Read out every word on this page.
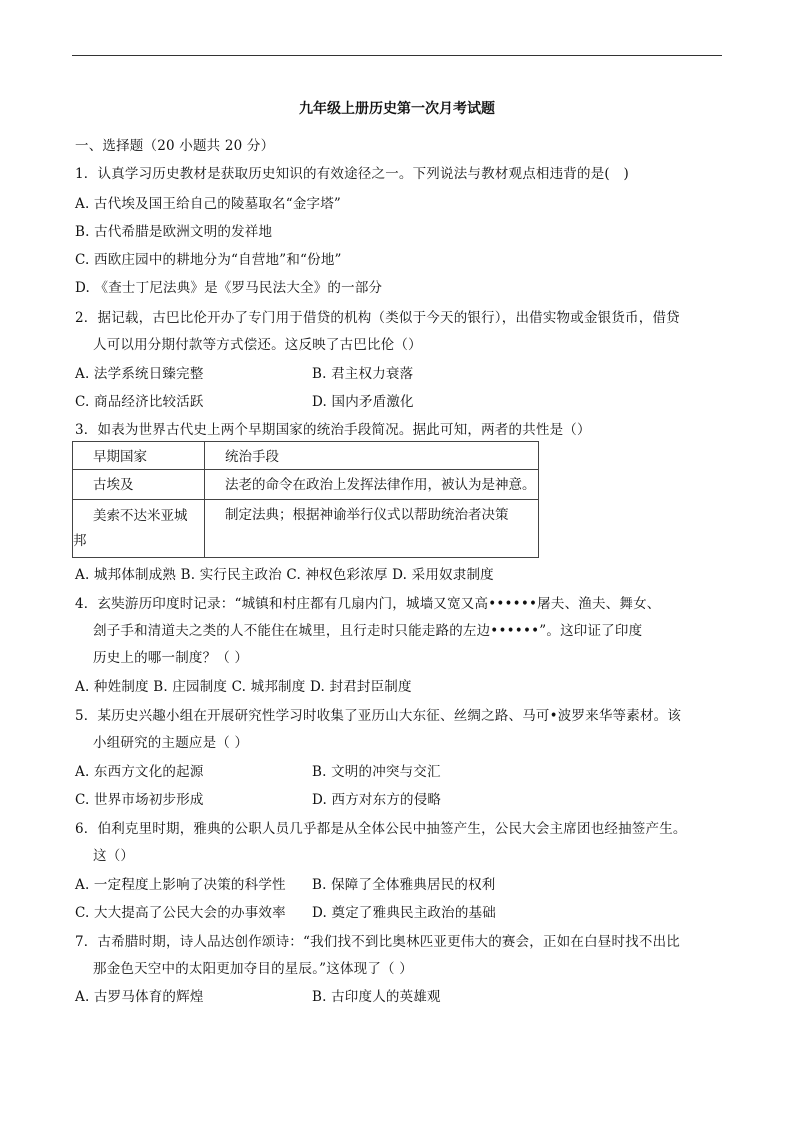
九年级上册历史第一次月考试题
一、选择题（20 小题共 20 分）
1．认真学习历史教材是获取历史知识的有效途径之一。下列说法与教材观点相违背的是(　)
A. 古代埃及国王给自己的陵墓取名“金字塔”
B. 古代希腊是欧洲文明的发祥地
C. 西欧庄园中的耕地分为“自营地”和“份地”
D. 《查士丁尼法典》是《罗马民法大全》的一部分
2．据记载，古巴比伦开办了专门用于借贷的机构（类似于今天的银行），出借实物或金银货币，借贷
人可以用分期付款等方式偿还。这反映了古巴比伦（）
A. 法学系统日臻完整	B. 君主权力衰落
C. 商品经济比较活跃	D. 国内矛盾激化
3．如表为世界古代史上两个早期国家的统治手段简况。据此可知，两者的共性是（）
早期国家	统治手段

古埃及	法老的命令在政治上发挥法律作用，被认为是神意。

美索不达米亚城
邦	制定法典；根据神谕举行仪式以帮助统治者决策
A. 城邦体制成熟 B. 实行民主政治 C. 神权色彩浓厚 D. 采用奴隶制度
4．玄奘游历印度时记录：“城镇和村庄都有几扇内门，城墙又宽又高••••••屠夫、渔夫、舞女、
刽子手和清道夫之类的人不能住在城里，且行走时只能走路的左边••••••”。这印证了印度
历史上的哪一制度？（ ）
A. 种姓制度 B. 庄园制度 C. 城邦制度 D. 封君封臣制度
5．某历史兴趣小组在开展研究性学习时收集了亚历山大东征、丝绸之路、马可•波罗来华等素材。该
小组研究的主题应是（ ）
A. 东西方文化的起源	B. 文明的冲突与交汇
C. 世界市场初步形成	D. 西方对东方的侵略
6．伯利克里时期，雅典的公职人员几乎都是从全体公民中抽签产生，公民大会主席团也经抽签产生。
这（）
A. 一定程度上影响了决策的科学性 B. 保障了全体雅典居民的权利
C. 大大提高了公民大会的办事效率 D. 奠定了雅典民主政治的基础
7．古希腊时期，诗人品达创作颂诗：“我们找不到比奥林匹亚更伟大的赛会，正如在白昼时找不出比
那金色天空中的太阳更加夺目的星辰。”这体现了（ ）
A. 古罗马体育的辉煌	B. 古印度人的英雄观
